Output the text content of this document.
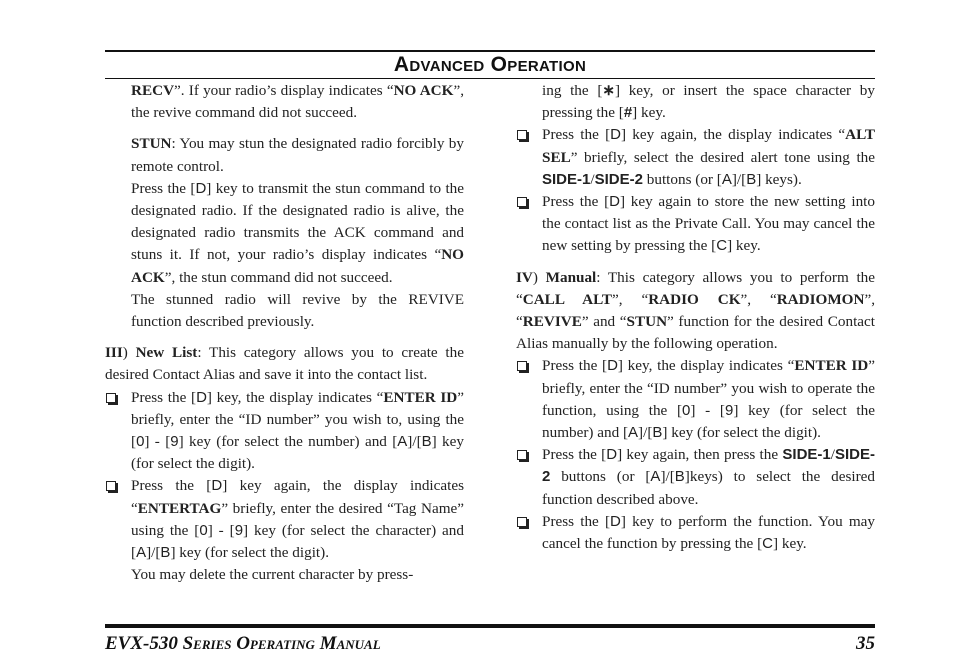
Advanced Operation

RECV”. If your radio’s display indicates “NO ACK”, the revive command did not succeed.

STUN: You may stun the designated radio forcibly by remote control.

Press the [D] key to transmit the stun command to the designated radio. If the designated radio is alive, the designated radio transmits the ACK command and stuns it. If not, your radio’s display indicates “NO ACK”, the stun command did not succeed.

The stunned radio will revive by the REVIVE function described previously.

III) New List: This category allows you to create the desired Contact Alias and save it into the contact list.

Press the [D] key, the display indicates “ENTER ID” briefly, enter the “ID number” you wish to, using the [0] - [9] key (for select the number) and [A]/[B] key (for select the digit).
Press the [D] key again, the display indicates “ENTERTAG” briefly, enter the desired “Tag Name” using the [0] - [9] key (for select the character) and [A]/[B] key (for select the digit).

You may delete the current character by press-

ing the [∗] key, or insert the space character by pressing the [#] key.

Press the [D] key again, the display indicates “ALT SEL” briefly, select the desired alert tone using the SIDE-1/SIDE-2 buttons (or [A]/[B] keys).
Press the [D] key again to store the new setting into the contact list as the Private Call. You may cancel the new setting by pressing the [C] key.

IV) Manual: This category allows you to perform the “CALL ALT”, “RADIO CK”, “RADIOMON”, “REVIVE” and “STUN” function for the desired Contact Alias manually by the following operation.

Press the [D] key, the display indicates “ENTER ID” briefly, enter the “ID number” you wish to operate the function, using the [0] - [9] key (for select the number) and [A]/[B] key (for select the digit).
Press the [D] key again, then press the SIDE-1/SIDE-2 buttons (or [A]/[B]keys) to select the desired function described above.
Press the [D] key to perform the function. You may cancel the function by pressing the [C] key.
EVX-530 Series Operating Manual	35
